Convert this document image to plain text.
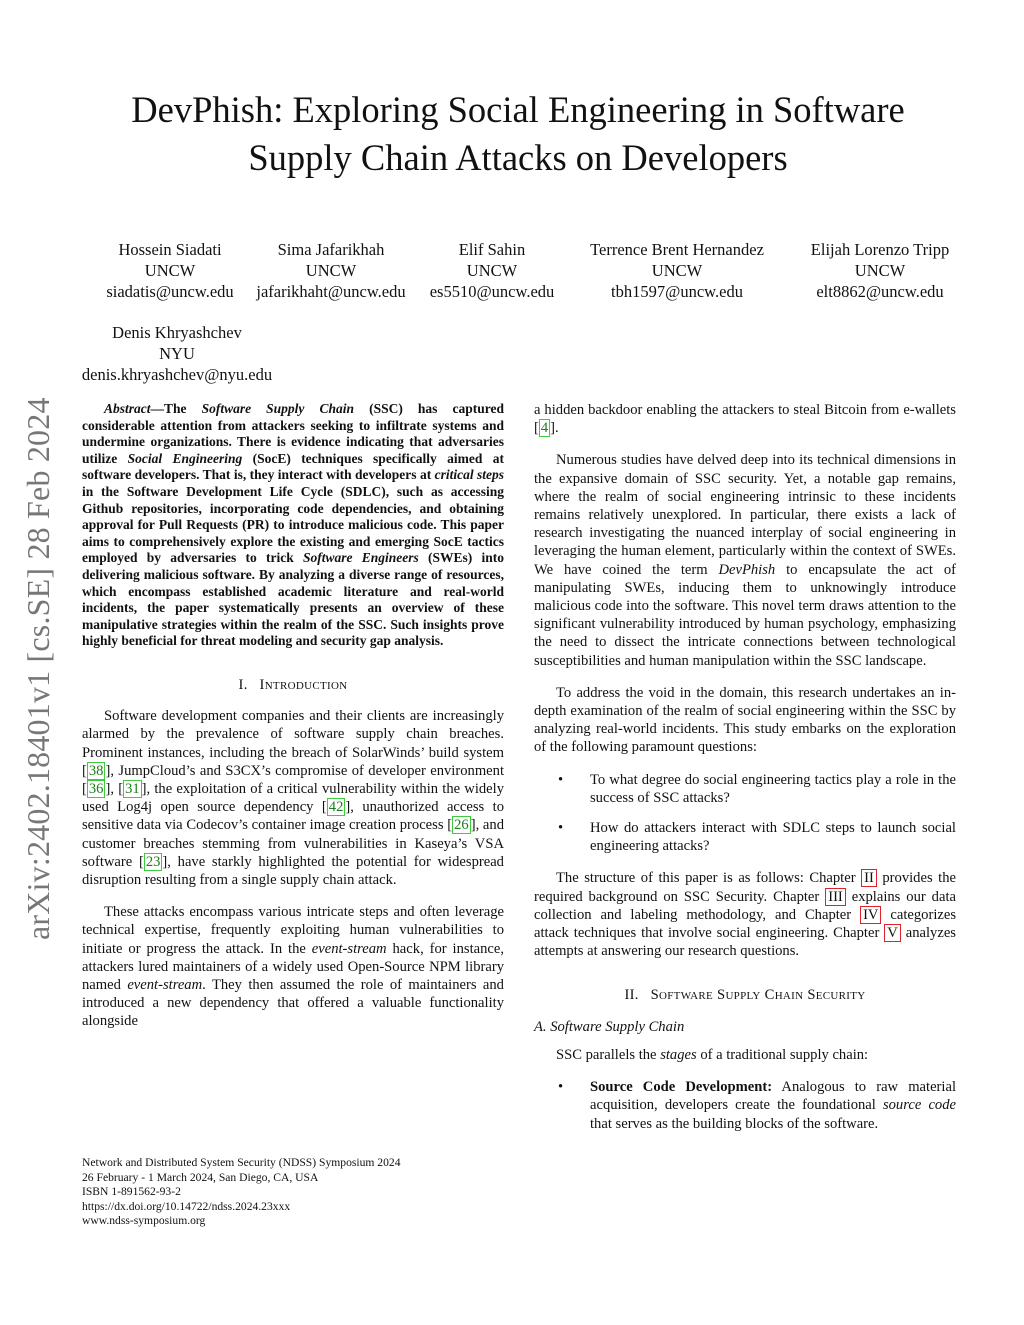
arXiv:2402.18401v1 [cs.SE] 28 Feb 2024
DevPhish: Exploring Social Engineering in Software
Supply Chain Attacks on Developers
Hossein Siadati
UNCW
siadatis@uncw.edu
Sima Jafarikhah
UNCW
jafarikhaht@uncw.edu
Elif Sahin
UNCW
es5510@uncw.edu
Terrence Brent Hernandez
UNCW
tbh1597@uncw.edu
Elijah Lorenzo Tripp
UNCW
elt8862@uncw.edu
Denis Khryashchev
NYU
denis.khryashchev@nyu.edu

Abstract—The Software Supply Chain (SSC) has captured considerable attention from attackers seeking to infiltrate systems and undermine organizations. There is evidence indicating that adversaries utilize Social Engineering (SocE) techniques specifically aimed at software developers. That is, they interact with developers at critical steps in the Software Development Life Cycle (SDLC), such as accessing Github repositories, incorporating code dependencies, and obtaining approval for Pull Requests (PR) to introduce malicious code. This paper aims to comprehensively explore the existing and emerging SocE tactics employed by adversaries to trick Software Engineers (SWEs) into delivering malicious software. By analyzing a diverse range of resources, which encompass established academic literature and real-world incidents, the paper systematically presents an overview of these manipulative strategies within the realm of the SSC. Such insights prove highly beneficial for threat modeling and security gap analysis.

I. INTRODUCTION

Software development companies and their clients are increasingly alarmed by the prevalence of software supply chain breaches. Prominent instances, including the breach of SolarWinds’ build system [ 38 ], JumpCloud’s and S3CX’s compromise of developer environment [ 36 ], [ 31 ], the exploitation of a critical vulnerability within the widely used Log4j open source dependency [ 42 ], unauthorized access to sensitive data via Codecov’s container image creation process [ 26 ], and customer breaches stemming from vulnerabilities in Kaseya’s VSA software [ 23 ], have starkly highlighted the potential for widespread disruption resulting from a single supply chain attack.

These attacks encompass various intricate steps and often leverage technical expertise, frequently exploiting human vulnerabilities to initiate or progress the attack. In the event-stream hack, for instance, attackers lured maintainers of a widely used Open-Source NPM library named event-stream. They then assumed the role of maintainers and introduced a new dependency that offered a valuable functionality alongside

a hidden backdoor enabling the attackers to steal Bitcoin from e-wallets [ 4 ].

Numerous studies have delved deep into its technical dimensions in the expansive domain of SSC security. Yet, a notable gap remains, where the realm of social engineering intrinsic to these incidents remains relatively unexplored. In particular, there exists a lack of research investigating the nuanced interplay of social engineering in leveraging the human element, particularly within the context of SWEs. We have coined the term DevPhish to encapsulate the act of manipulating SWEs, inducing them to unknowingly introduce malicious code into the software. This novel term draws attention to the significant vulnerability introduced by human psychology, emphasizing the need to dissect the intricate connections between technological susceptibilities and human manipulation within the SSC landscape.

To address the void in the domain, this research undertakes an in-depth examination of the realm of social engineering within the SSC by analyzing real-world incidents. This study embarks on the exploration of the following paramount questions:

• To what degree do social engineering tactics play a role in the success of SSC attacks?
• How do attackers interact with SDLC steps to launch social engineering attacks?

The structure of this paper is as follows: Chapter II provides the required background on SSC Security. Chapter III explains our data collection and labeling methodology, and Chapter IV categorizes attack techniques that involve social engineering. Chapter V analyzes attempts at answering our research questions.

II. SOFTWARE SUPPLY CHAIN SECURITY
A. Software Supply Chain

SSC parallels the stages of a traditional supply chain:

• Source Code Development: Analogous to raw material acquisition, developers create the foundational source code that serves as the building blocks of the software.
Network and Distributed System Security (NDSS) Symposium 2024
26 February - 1 March 2024, San Diego, CA, USA
ISBN 1-891562-93-2
https://dx.doi.org/10.14722/ndss.2024.23xxx
www.ndss-symposium.org
